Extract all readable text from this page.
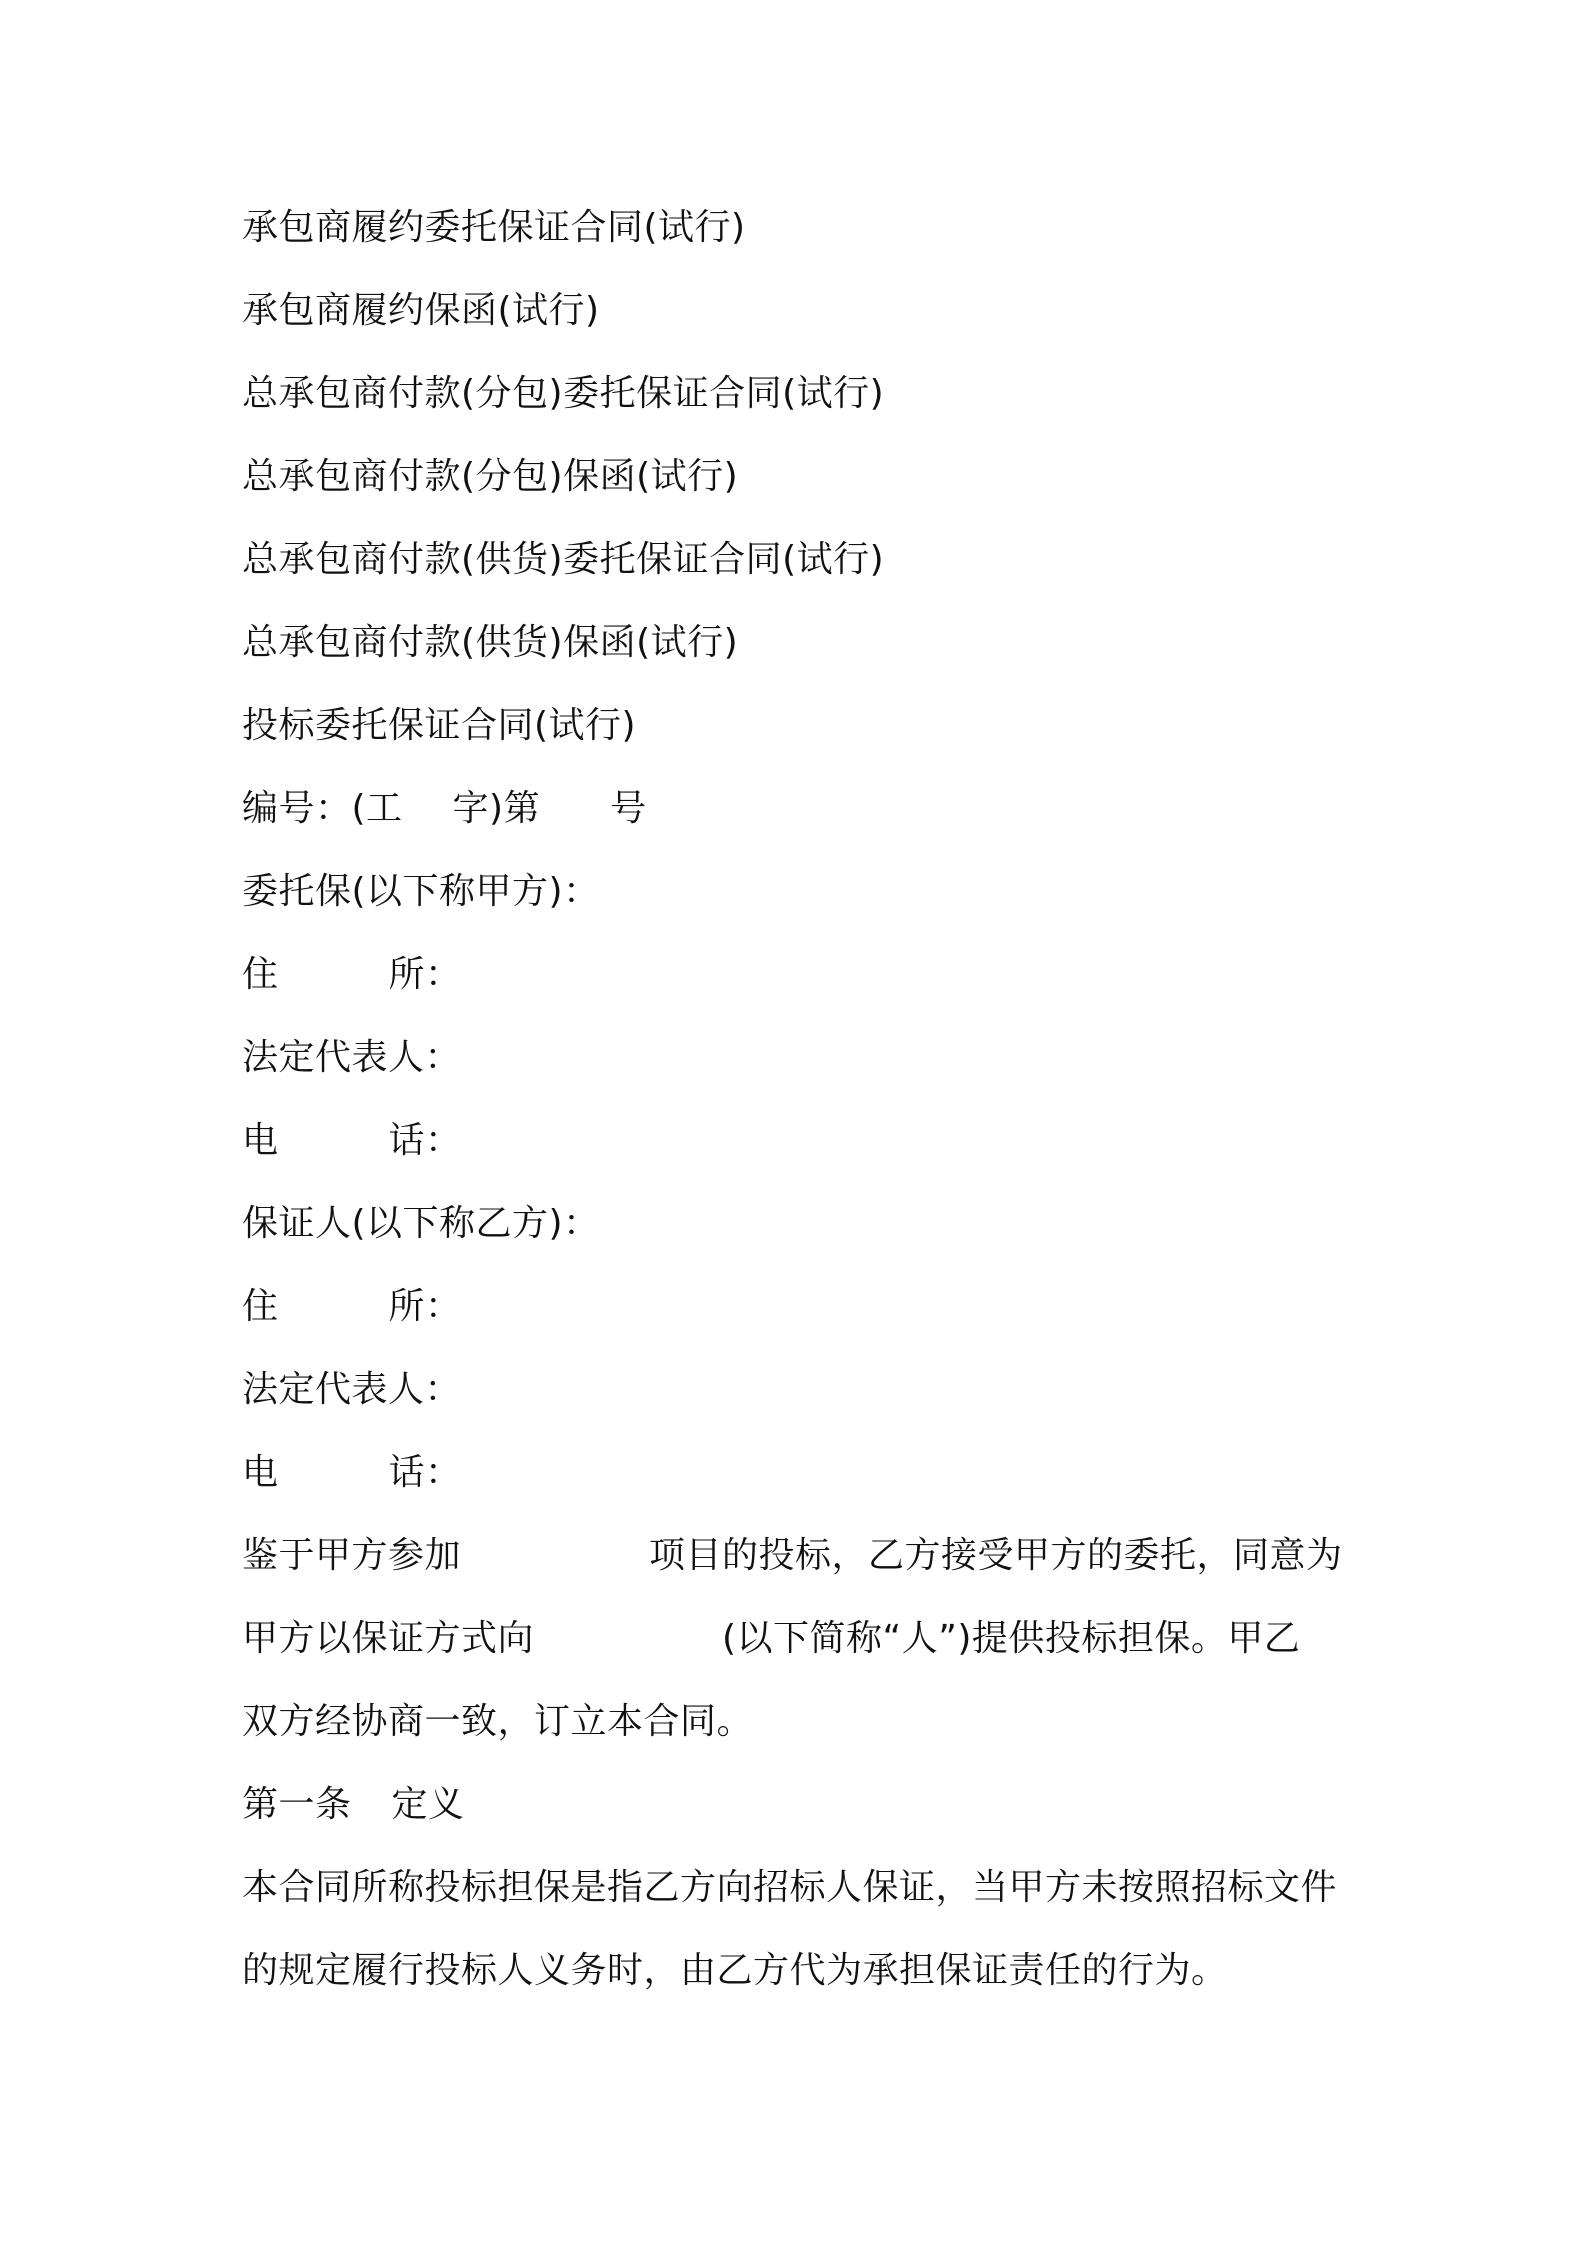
承包商履约委托保证合同(试行)
承包商履约保函(试行)
总承包商付款(分包)委托保证合同(试行)
总承包商付款(分包)保函(试行)
总承包商付款(供货)委托保证合同(试行)
总承包商付款(供货)保函(试行)
投标委托保证合同(试行)
编号：(工 字)第 号
委托保(以下称甲方)：
住	所：
法定代表人：
电	话：
保证人(以下称乙方)：
住	所：
法定代表人：
电	话：
鉴于甲方参加	项目的投标，乙方接受甲方的委托，同意为
甲方以保证方式向	(以下简称“人”)提供投标担保。甲乙
双方经协商一致，订立本合同。
第一条 定义
本合同所称投标担保是指乙方向招标人保证，当甲方未按照招标文件
的规定履行投标人义务时，由乙方代为承担保证责任的行为。
